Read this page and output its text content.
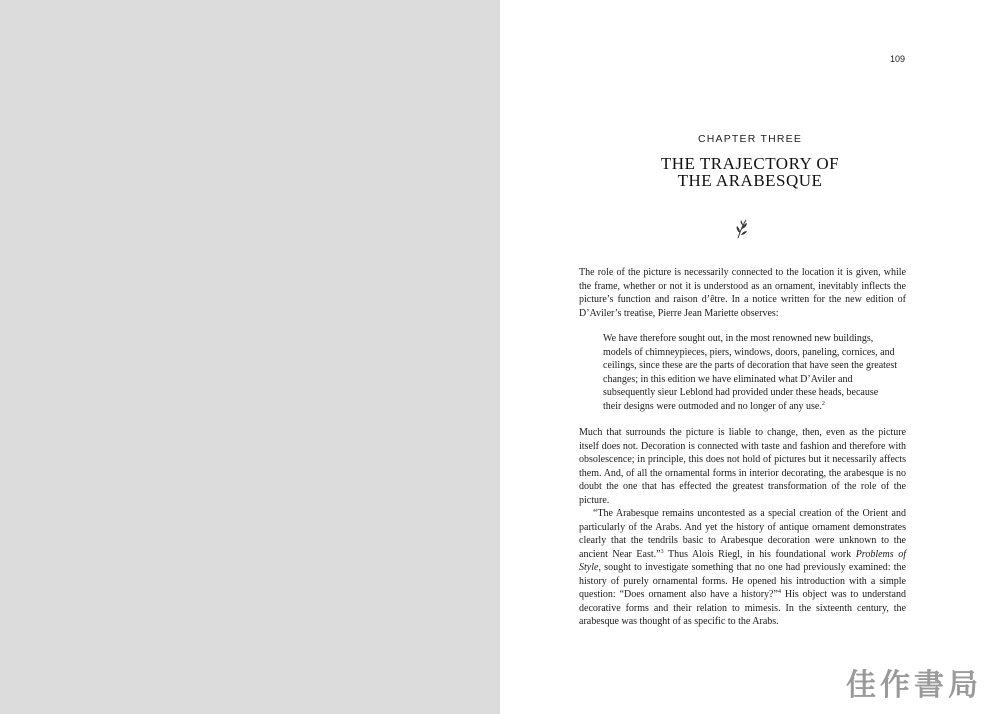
109
CHAPTER THREE
THE TRAJECTORY OF
THE ARABESQUE

The role of the picture is necessarily connected to the location it is given, while the frame, whether or not it is understood as an ornament, inevitably inflects the picture’s function and raison d’être. In a notice written for the new edition of D’Aviler’s treatise, Pierre Jean Mariette observes:

We have therefore sought out, in the most renowned new buildings, models of chimneypieces, piers, windows, doors, paneling, cornices, and ceilings, since these are the parts of decoration that have seen the greatest changes; in this edition we have eliminated what D’Aviler and subsequently sieur Leblond had provided under these heads, because their designs were outmoded and no longer of any use.$^2$

Much that surrounds the picture is liable to change, then, even as the picture itself does not. Decoration is connected with taste and fashion and therefore with obsolescence; in principle, this does not hold of pictures but it necessarily affects them. And, of all the ornamental forms in interior decorating, the arabesque is no doubt the one that has effected the greatest transformation of the role of the picture.

“The Arabesque remains uncontested as a special creation of the Orient and particularly of the Arabs. And yet the history of antique ornament demonstrates clearly that the tendrils basic to Arabesque decoration were unknown to the ancient Near East.”$^3$ Thus Alois Riegl, in his foundational work Problems of Style, sought to investigate something that no one had previously examined: the history of purely ornamental forms. He opened his introduction with a simple question: “Does ornament also have a history?”$^4$ His object was to understand decorative forms and their relation to mimesis. In the sixteenth century, the arabesque was thought of as specific to the Arabs.

佳作書局
